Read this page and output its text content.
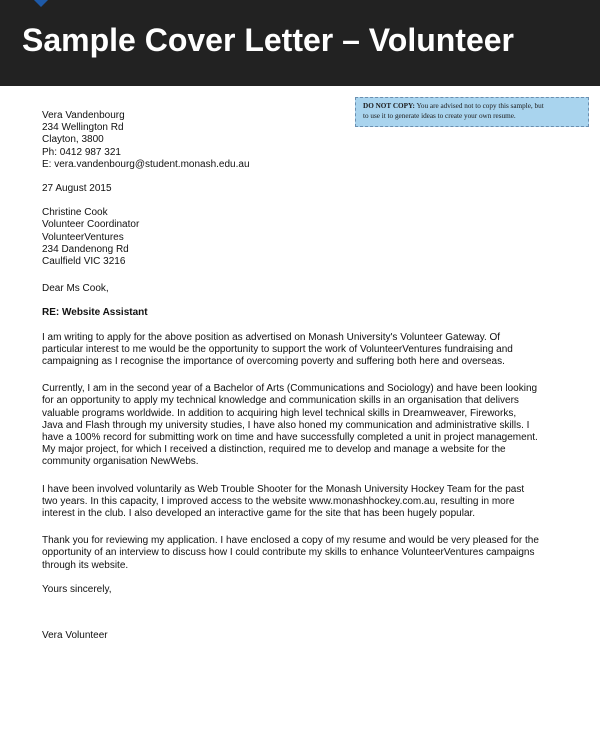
Sample Cover Letter – Volunteer
DO NOT COPY: You are advised not to copy this sample, but
to use it to generate ideas to create your own resume.
Vera Vandenbourg
234 Wellington Rd
Clayton, 3800
Ph: 0412 987 321
E: vera.vandenbourg@student.monash.edu.au
27 August 2015
Christine Cook
Volunteer Coordinator
VolunteerVentures
234 Dandenong Rd
Caulfield VIC 3216
Dear Ms Cook,
RE: Website Assistant
I am writing to apply for the above position as advertised on Monash University's Volunteer Gateway. Of
particular interest to me would be the opportunity to support the work of VolunteerVentures fundraising and
campaigning as I recognise the importance of overcoming poverty and suffering both here and overseas.
Currently, I am in the second year of a Bachelor of Arts (Communications and Sociology) and have been looking
for an opportunity to apply my technical knowledge and communication skills in an organisation that delivers
valuable programs worldwide. In addition to acquiring high level technical skills in Dreamweaver, Fireworks,
Java and Flash through my university studies, I have also honed my communication and administrative skills. I
have a 100% record for submitting work on time and have successfully completed a unit in project management.
My major project, for which I received a distinction, required me to develop and manage a website for the
community organisation NewWebs.
I have been involved voluntarily as Web Trouble Shooter for the Monash University Hockey Team for the past
two years. In this capacity, I improved access to the website www.monashhockey.com.au, resulting in more
interest in the club. I also developed an interactive game for the site that has been hugely popular.
Thank you for reviewing my application. I have enclosed a copy of my resume and would be very pleased for the
opportunity of an interview to discuss how I could contribute my skills to enhance VolunteerVentures campaigns
through its website.
Yours sincerely,
Vera Volunteer
